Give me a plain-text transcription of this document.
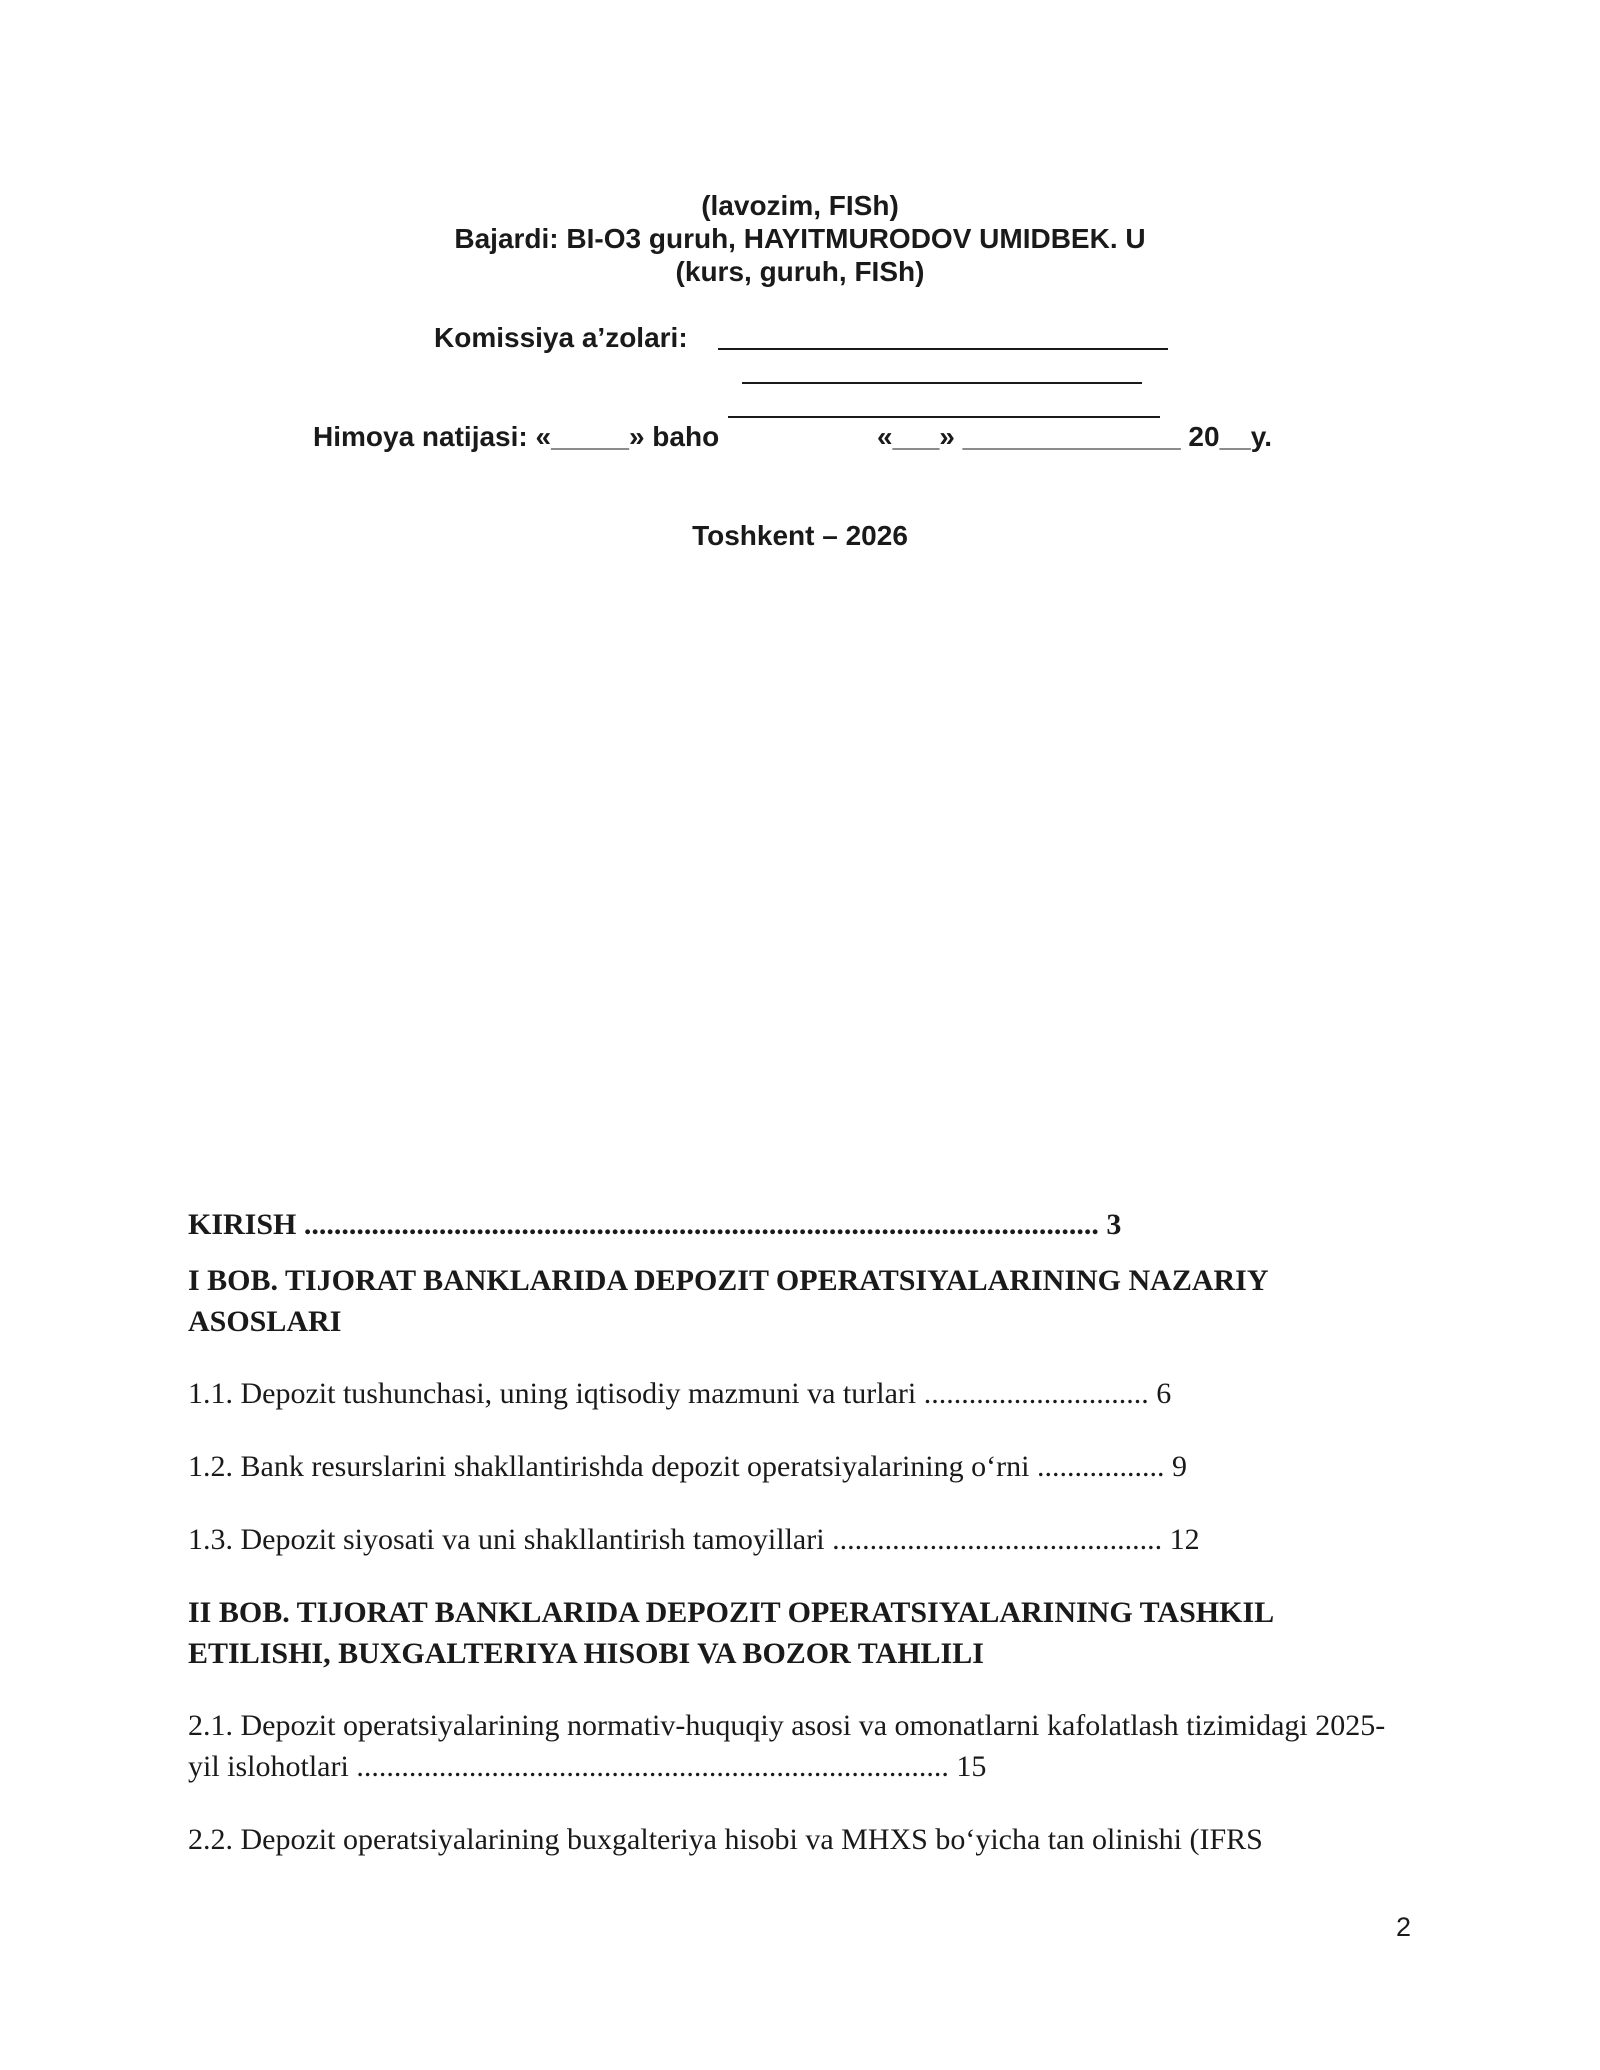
(lavozim, FISh)
Bajardi: BI-O3 guruh, HAYITMURODOV UMIDBEK. U
(kurs, guruh, FISh)
Komissiya a’zolari:
Himoya natijasi: «_____» baho	«___» ______________ 20__y.
Toshkent – 2026
KIRISH .......................................................................................................... 3
I BOB. TIJORAT BANKLARIDA DEPOZIT OPERATSIYALARINING NAZARIY ASOSLARI
1.1. Depozit tushunchasi, uning iqtisodiy mazmuni va turlari .............................. 6
1.2. Bank resurslarini shakllantirishda depozit operatsiyalarining o‘rni ................. 9
1.3. Depozit siyosati va uni shakllantirish tamoyillari ............................................ 12
II BOB. TIJORAT BANKLARIDA DEPOZIT OPERATSIYALARINING TASHKIL ETILISHI, BUXGALTERIYA HISOBI VA BOZOR TAHLILI
2.1. Depozit operatsiyalarining normativ-huquqiy asosi va omonatlarni kafolatlash tizimidagi 2025-yil islohotlari ............................................................................... 15
2.2. Depozit operatsiyalarining buxgalteriya hisobi va MHXS bo‘yicha tan olinishi (IFRS
2
